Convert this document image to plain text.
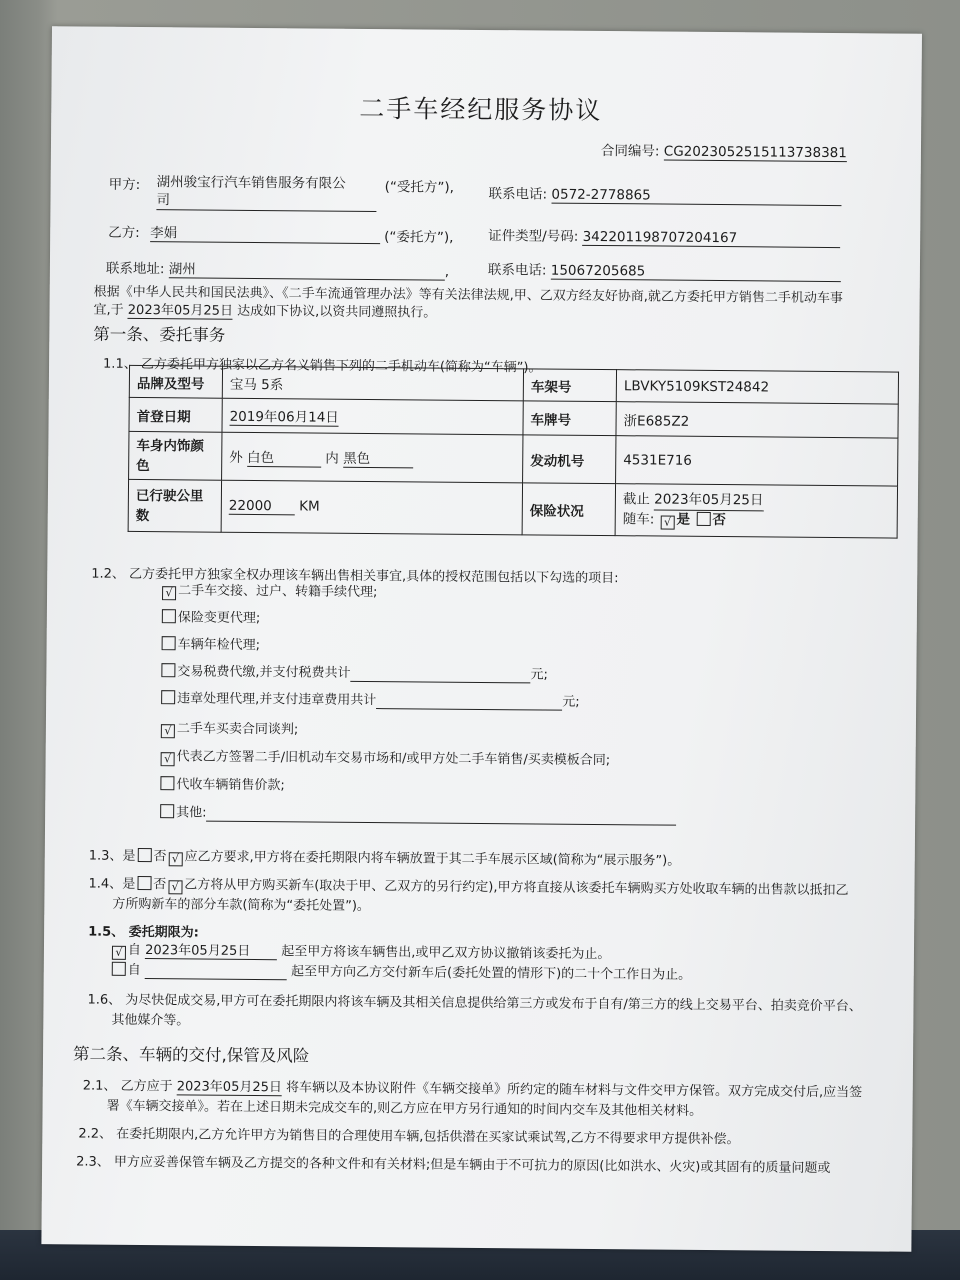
二手车经纪服务协议
合同编号: CG20230525151137383​81
甲方: 湖州骏宝行汽车销售服务有限公
司
(“受托方”),	联系电话: 0572-2778865
乙方: 李娟	(“委托方”),	证件类型/号码: 342201198707204167
联系地址: 湖州	,	联系电话: 15067205685
根据《中华人民共和国民法典》、《二手车流通管理办法》等有关法律法规,甲、乙双方经友好协商,就乙方委托甲方销售二手机动车事
宜,于 2023年05月25日 达成如下协议,以资共同遵照执行。
第一条、委托事务
1.1、 乙方委托甲方独家以乙方名义销售下列的二手机动车(简称为“车辆”)。
品牌及型号	宝马 5系	车架号	LBVKY5109KST24842
首登日期	2019年06月14日	车牌号	浙E685Z2
车身内饰颜
色	外 白色 内 黑色	发动机号	4531E716
已行驶公里
数	22000 KM	保险状况	截止 2023年05月25日
随车: √ 是 否
1.2、 乙方委托甲方独家全权办理该车辆出售相关事宜,具体的授权范围包括以下勾选的项目:
√ 二手车交接、过户、转籍手续代理;
保险变更代理;
车辆年检代理;
交易税费代缴,并支付税费共计	元;
违章处理代理,并支付违章费用共计	元;
√ 二手车买卖合同谈判;
√ 代表乙方签署二手/旧机动车交易市场和/或甲方处二手车销售/买卖模板合同;
代收车辆销售价款;
其他:
1.3、是 否 √ 应乙方要求,甲方将在委托期限内将车辆放置于其二手车展示区域(简称为“展示服务”)。
1.4、是 否 √ 乙方将从甲方购买新车(取决于甲、乙双方的另行约定),甲方将直接从该委托车辆购买方处收取车辆的出售款以抵扣乙
方所购新车的部分车款(简称为“委托处置”)。
1.5、 委托期限为:
√ 自 2023年05月25日 起至甲方将该车辆售出,或甲乙双方协议撤销该委托为止。
自	起至甲方向乙方交付新车后(委托处置的情形下)的二十个工作日为止。
1.6、 为尽快促成交易,甲方可在委托期限内将该车辆及其相关信息提供给第三方或发布于自有/第三方的线上交易平台、拍卖竞价平台、
其他媒介等。
第二条、车辆的交付,保管及风险
2.1、 乙方应于 2023年05月25日 将车辆以及本协议附件《车辆交接单》所约定的随车材料与文件交甲方保管。双方完成交付后,应当签
署《车辆交接单》。若在上述日期未完成交车的,则乙方应在甲方另行通知的时间内交车及其他相关材料。
2.2、 在委托期限内,乙方允许甲方为销售目的合理使用车辆,包括供潜在买家试乘试驾,乙方不得要求甲方提供补偿。
2.3、 甲方应妥善保管车辆及乙方提交的各种文件和有关材料;但是车辆由于不可抗力的原因(比如洪水、火灾)或其固有的质量问题或
